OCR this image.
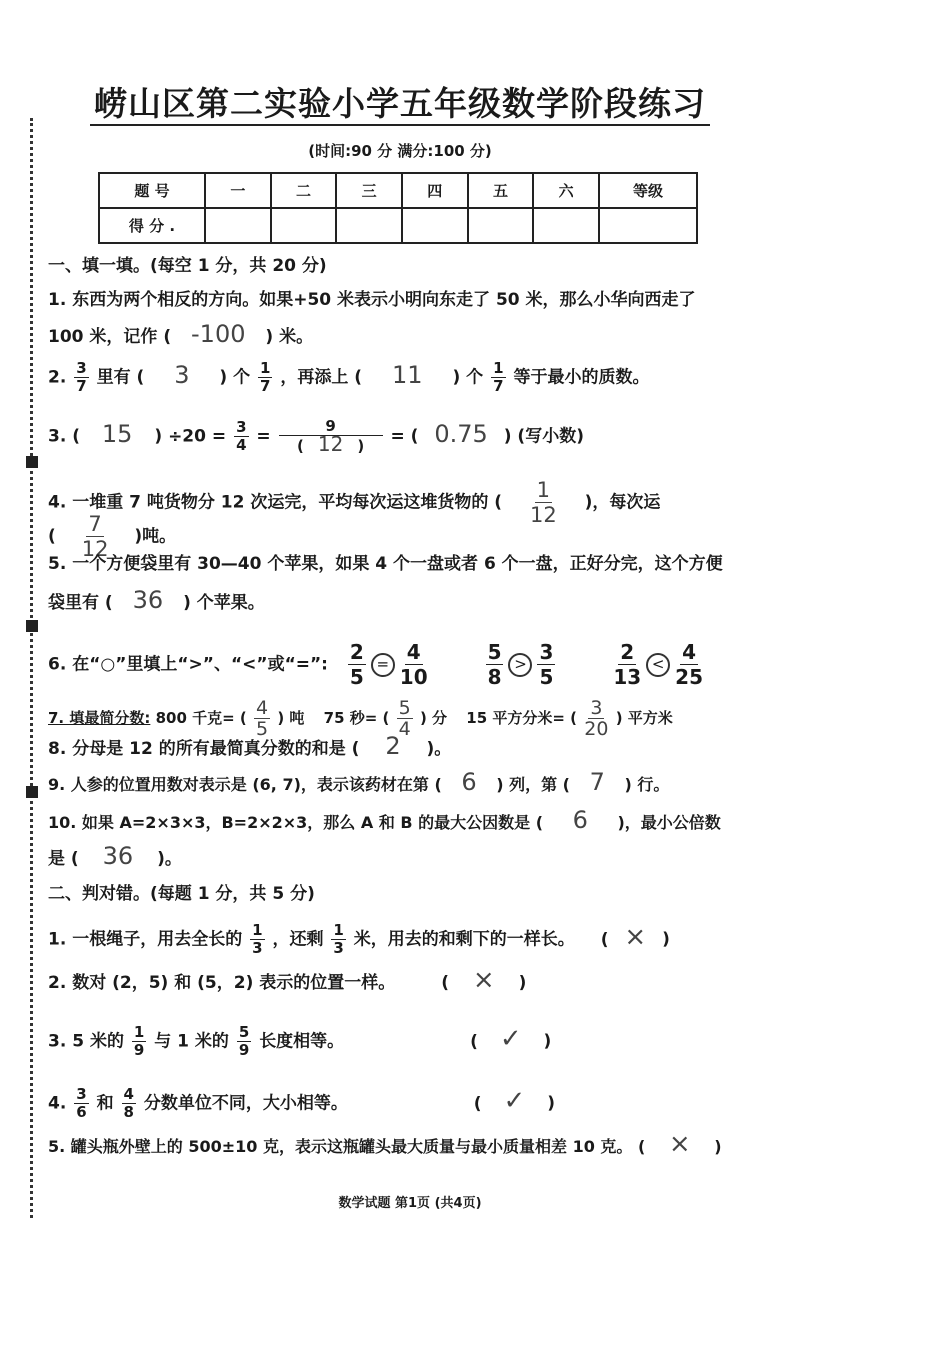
崂山区第二实验小学五年级数学阶段练习
(时间:90 分 满分:100 分)
题 号	一	二	三	四	五	六	等级
得 分 .							
一、填一填。(每空 1 分，共 20 分)
1. 东西为两个相反的方向。如果+50 米表示小明向东走了 50 米，那么小华向西走了
100 米，记作 ( -100 ) 米。
2. $\frac{3}{7}$ 里有 ( 3 ) 个 $\frac{1}{7}$ ，再添上 ( 11 ) 个 $\frac{1}{7}$ 等于最小的质数。
3. ( 15 ) $\div 20 = \frac{3}{4} = \frac{9}{( 12 )}$ = ( 0.75 ) (写小数)
4. 一堆重 7 吨货物分 12 次运完，平均每次运这堆货物的 ( $\frac{1}{12}$ )，每次运
( $\frac{7}{12}$ )吨。
5. 一个方便袋里有 30—40 个苹果，如果 4 个一盘或者 6 个一盘，正好分完，这个方便
袋里有 ( 36 ) 个苹果。
6. 在“○”里填上“>”、“<”或“=”: $\frac{2}{5} = \frac{4}{10}$
	$\frac{5}{8} > \frac{3}{5}$
	$\frac{2}{13} < \frac{4}{25}$
7. 填最简分数: 800 千克= ( $\frac{4}{5}$ ) 吨 75 秒= ( $\frac{5}{4}$ ) 分 15 平方分米= ( $\frac{3}{20}$ ) 平方米
8. 分母是 12 的所有最简真分数的和是 ( 2 )。
9. 人参的位置用数对表示是 (6, 7)，表示该药材在第 ( 6 ) 列，第 ( 7 ) 行。
10. 如果 A=2×3×3，B=2×2×3，那么 A 和 B 的最大公因数是 ( 6 )，最小公倍数
是 ( 36 )。
二、判对错。(每题 1 分，共 5 分)
1. 一根绳子，用去全长的 $\frac{1}{3}$ ，还剩 $\frac{1}{3}$ 米，用去的和剩下的一样长。 ( × )
2. 数对 (2，5) 和 (5，2) 表示的位置一样。	( × )
3. 5 米的 $\frac{1}{9}$ 与 1 米的 $\frac{5}{9}$ 长度相等。	( ✓ )
4. $\frac{3}{6}$ 和 $\frac{4}{8}$ 分数单位不同，大小相等。	( ✓ )
5. 罐头瓶外壁上的 500±10 克，表示这瓶罐头最大质量与最小质量相差 10 克。 ( × )
数学试题 第1页 (共4页)
